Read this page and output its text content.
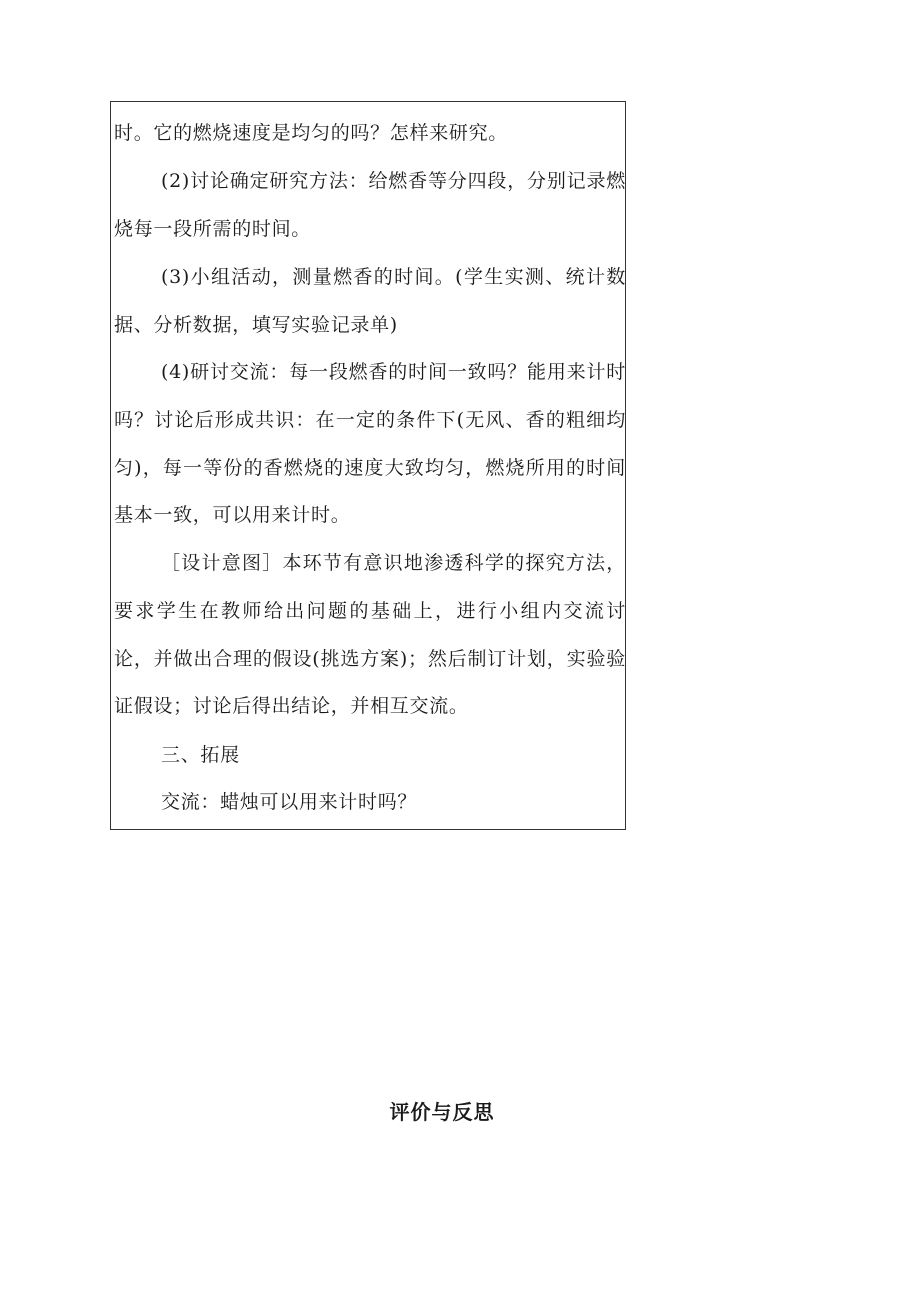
时。它的燃烧速度是均匀的吗？怎样来研究。

(2)讨论确定研究方法：给燃香等分四段，分别记录燃烧每一段所需的时间。

(3)小组活动，测量燃香的时间。(学生实测、统计数据、分析数据，填写实验记录单)

(4)研讨交流：每一段燃香的时间一致吗？能用来计时吗？讨论后形成共识：在一定的条件下(无风、香的粗细均匀)，每一等份的香燃烧的速度大致均匀，燃烧所用的时间基本一致，可以用来计时。

［设计意图］本环节有意识地渗透科学的探究方法，要求学生在教师给出问题的基础上，进行小组内交流讨论，并做出合理的假设(挑选方案)；然后制订计划，实验验证假设；讨论后得出结论，并相互交流。

三、拓展

交流：蜡烛可以用来计时吗？

评价与反思
